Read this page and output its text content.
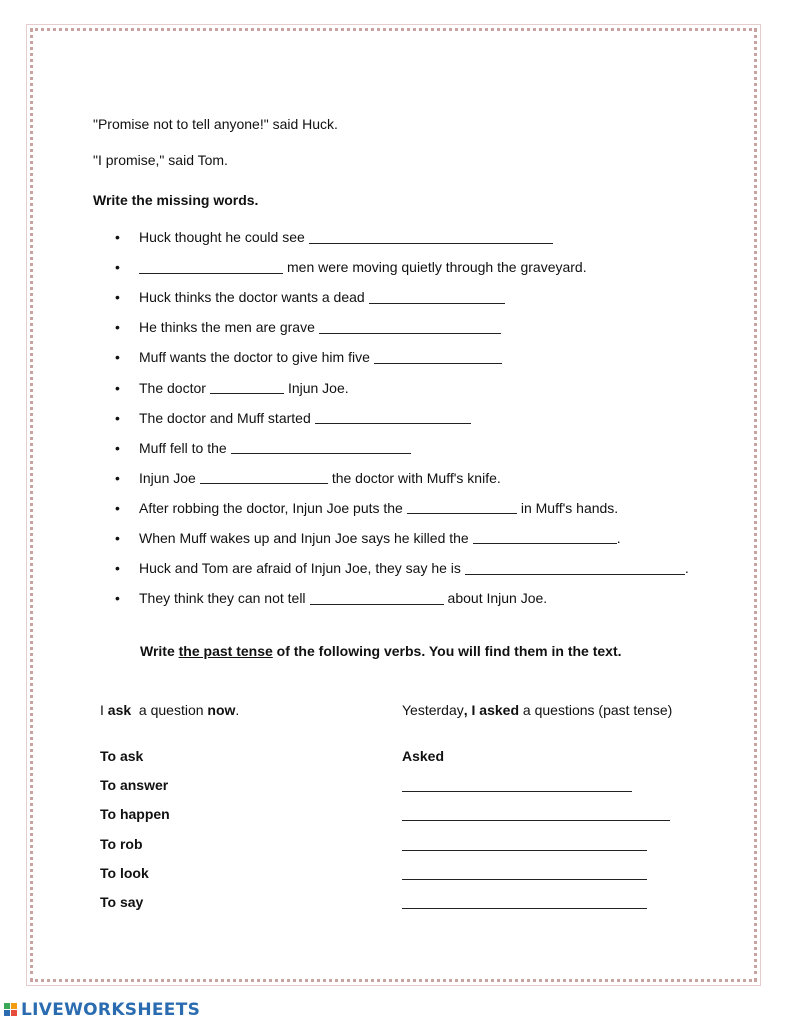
"Promise not to tell anyone!" said Huck.
"I promise," said Tom.
Write the missing words.
•	Huck thought he could see
•	men were moving quietly through the graveyard.
•	Huck thinks the doctor wants a dead
•	He thinks the men are grave
•	Muff wants the doctor to give him five
•	The doctor	Injun Joe.
•	The doctor and Muff started
•	Muff fell to the
•	Injun Joe	the doctor with Muff's knife.
•	After robbing the doctor, Injun Joe puts the	in Muff's hands.
•	When Muff wakes up and Injun Joe says he killed the	.
•	Huck and Tom are afraid of Injun Joe, they say he is	.
•	They think they can not tell	about Injun Joe.
Write the past tense of the following verbs. You will find them in the text.
I ask  a question now.	Yesterday, I asked a questions (past tense)
To ask	Asked
To answer
To happen
To rob
To look
To say
LIVEWORKSHEETS
